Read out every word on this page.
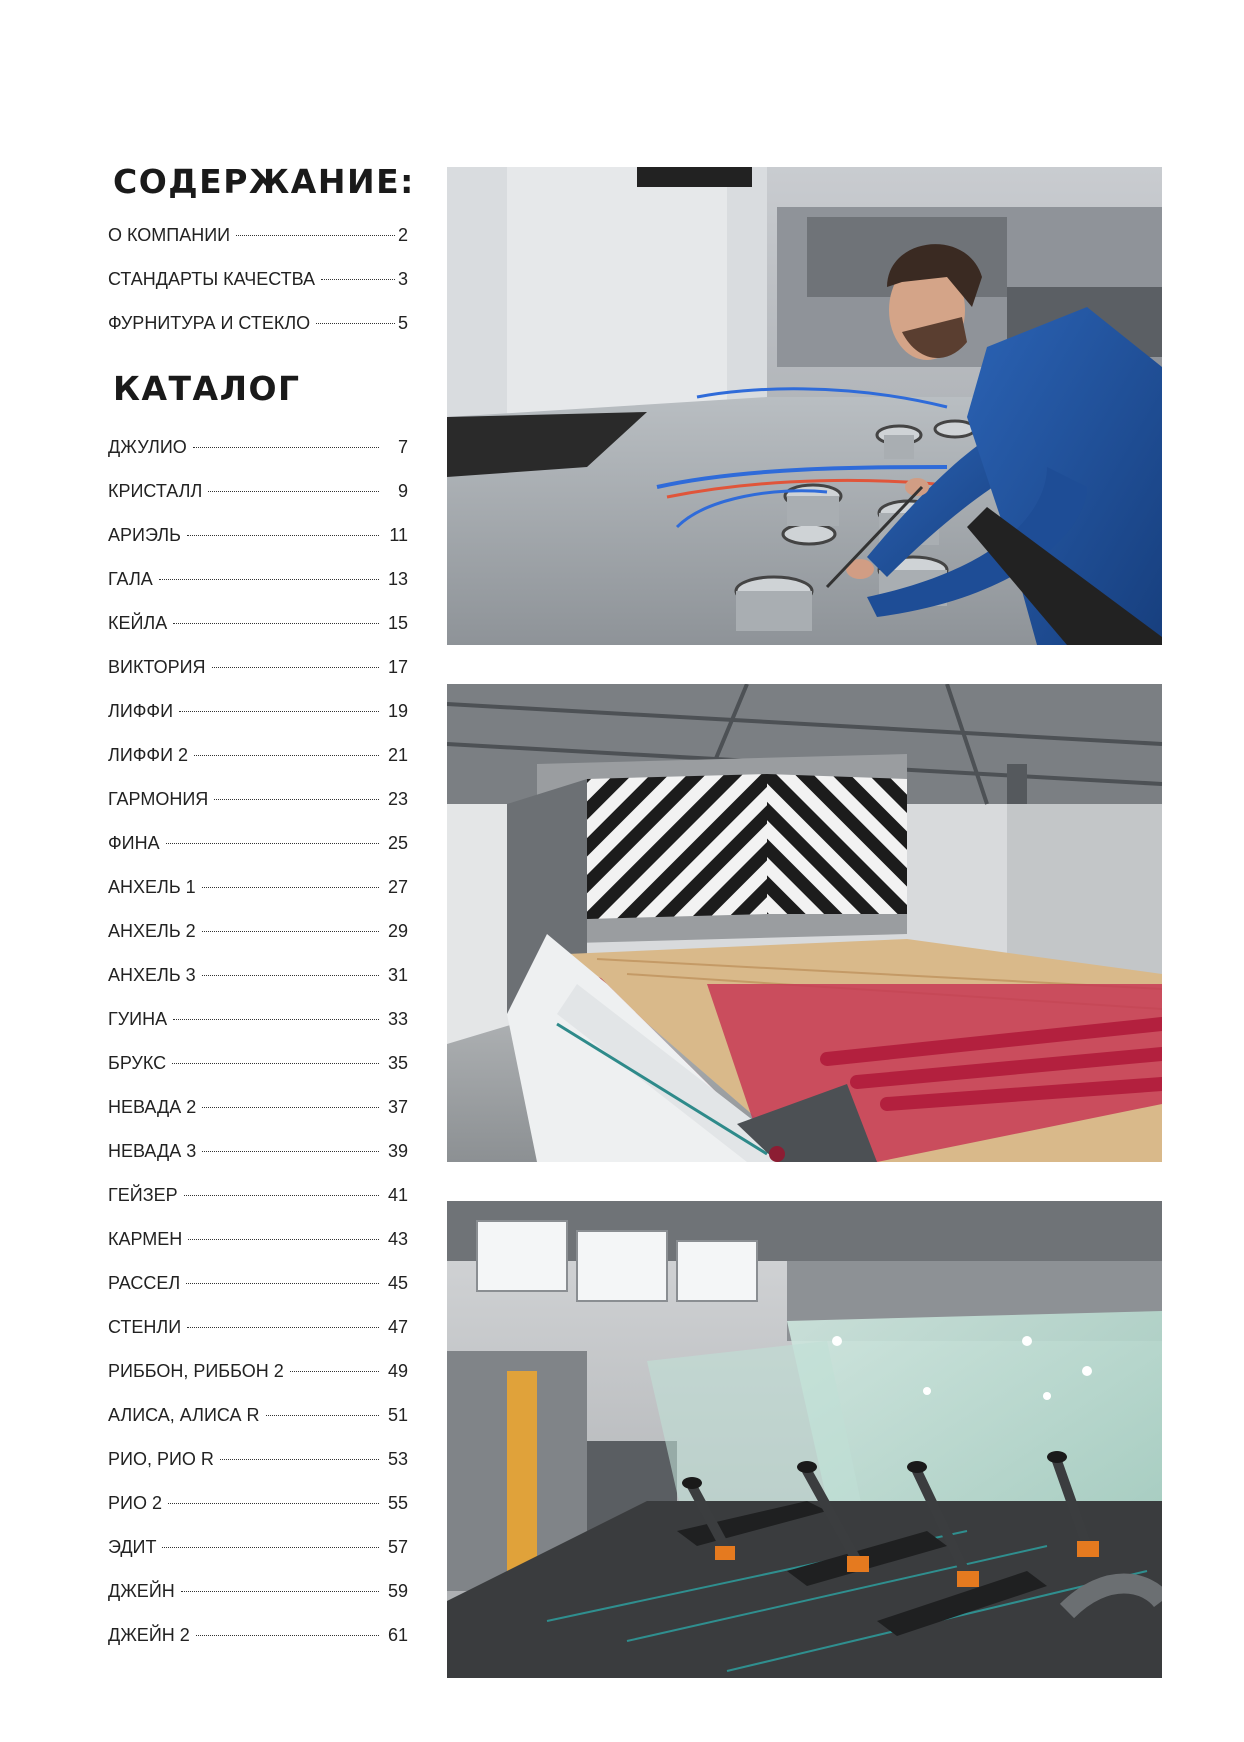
СОДЕРЖАНИЕ:
О КОМПАНИИ	2
СТАНДАРТЫ КАЧЕСТВА	3
ФУРНИТУРА И СТЕКЛО	5
КАТАЛОГ
ДЖУЛИО	7
КРИСТАЛЛ	9
АРИЭЛЬ	11
ГАЛА	13
КЕЙЛА	15
ВИКТОРИЯ	17
ЛИФФИ	19
ЛИФФИ 2	21
ГАРМОНИЯ	23
ФИНА	25
АНХЕЛЬ 1	27
АНХЕЛЬ 2	29
АНХЕЛЬ 3	31
ГУИНА	33
БРУКС	35
НЕВАДА 2	37
НЕВАДА 3	39
ГЕЙЗЕР	41
КАРМЕН	43
РАССЕЛ	45
СТЕНЛИ	47
РИББОН, РИББОН 2	49
АЛИСА, АЛИСА R	51
РИО, РИО R	53
РИО 2	55
ЭДИТ	57
ДЖЕЙН	59
ДЖЕЙН 2	61
